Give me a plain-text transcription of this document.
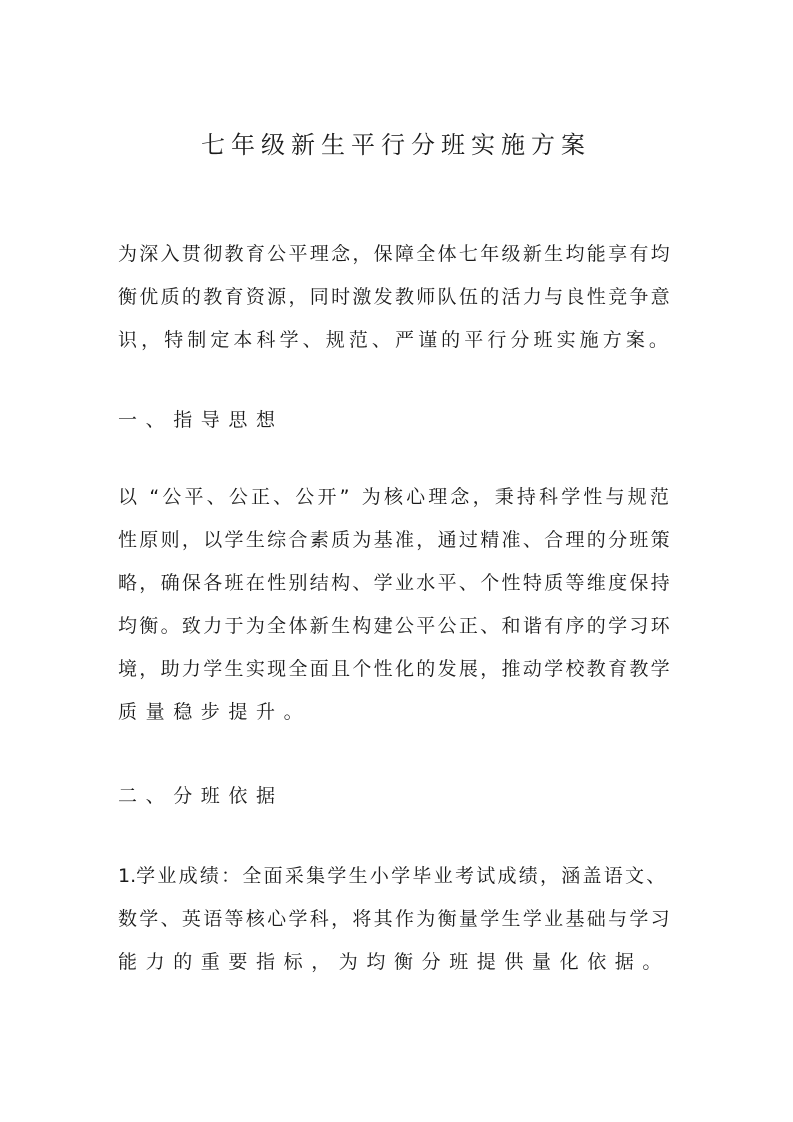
七年级新生平行分班实施方案
为深入贯彻教育公平理念，保障全体七年级新生均能享有均
衡优质的教育资源，同时激发教师队伍的活力与良性竞争意
识，特制定本科学、规范、严谨的平行分班实施方案。
一、指导思想
以 “公平、公正、公开” 为核心理念，秉持科学性与规范
性原则，以学生综合素质为基准，通过精准、合理的分班策
略，确保各班在性别结构、学业水平、个性特质等维度保持
均衡。致力于为全体新生构建公平公正、和谐有序的学习环
境，助力学生实现全面且个性化的发展，推动学校教育教学
质量稳步提升。
二、分班依据
1.学业成绩：全面采集学生小学毕业考试成绩，涵盖语文、
数学、英语等核心学科，将其作为衡量学生学业基础与学习
能力的重要指标，为均衡分班提供量化依据。
